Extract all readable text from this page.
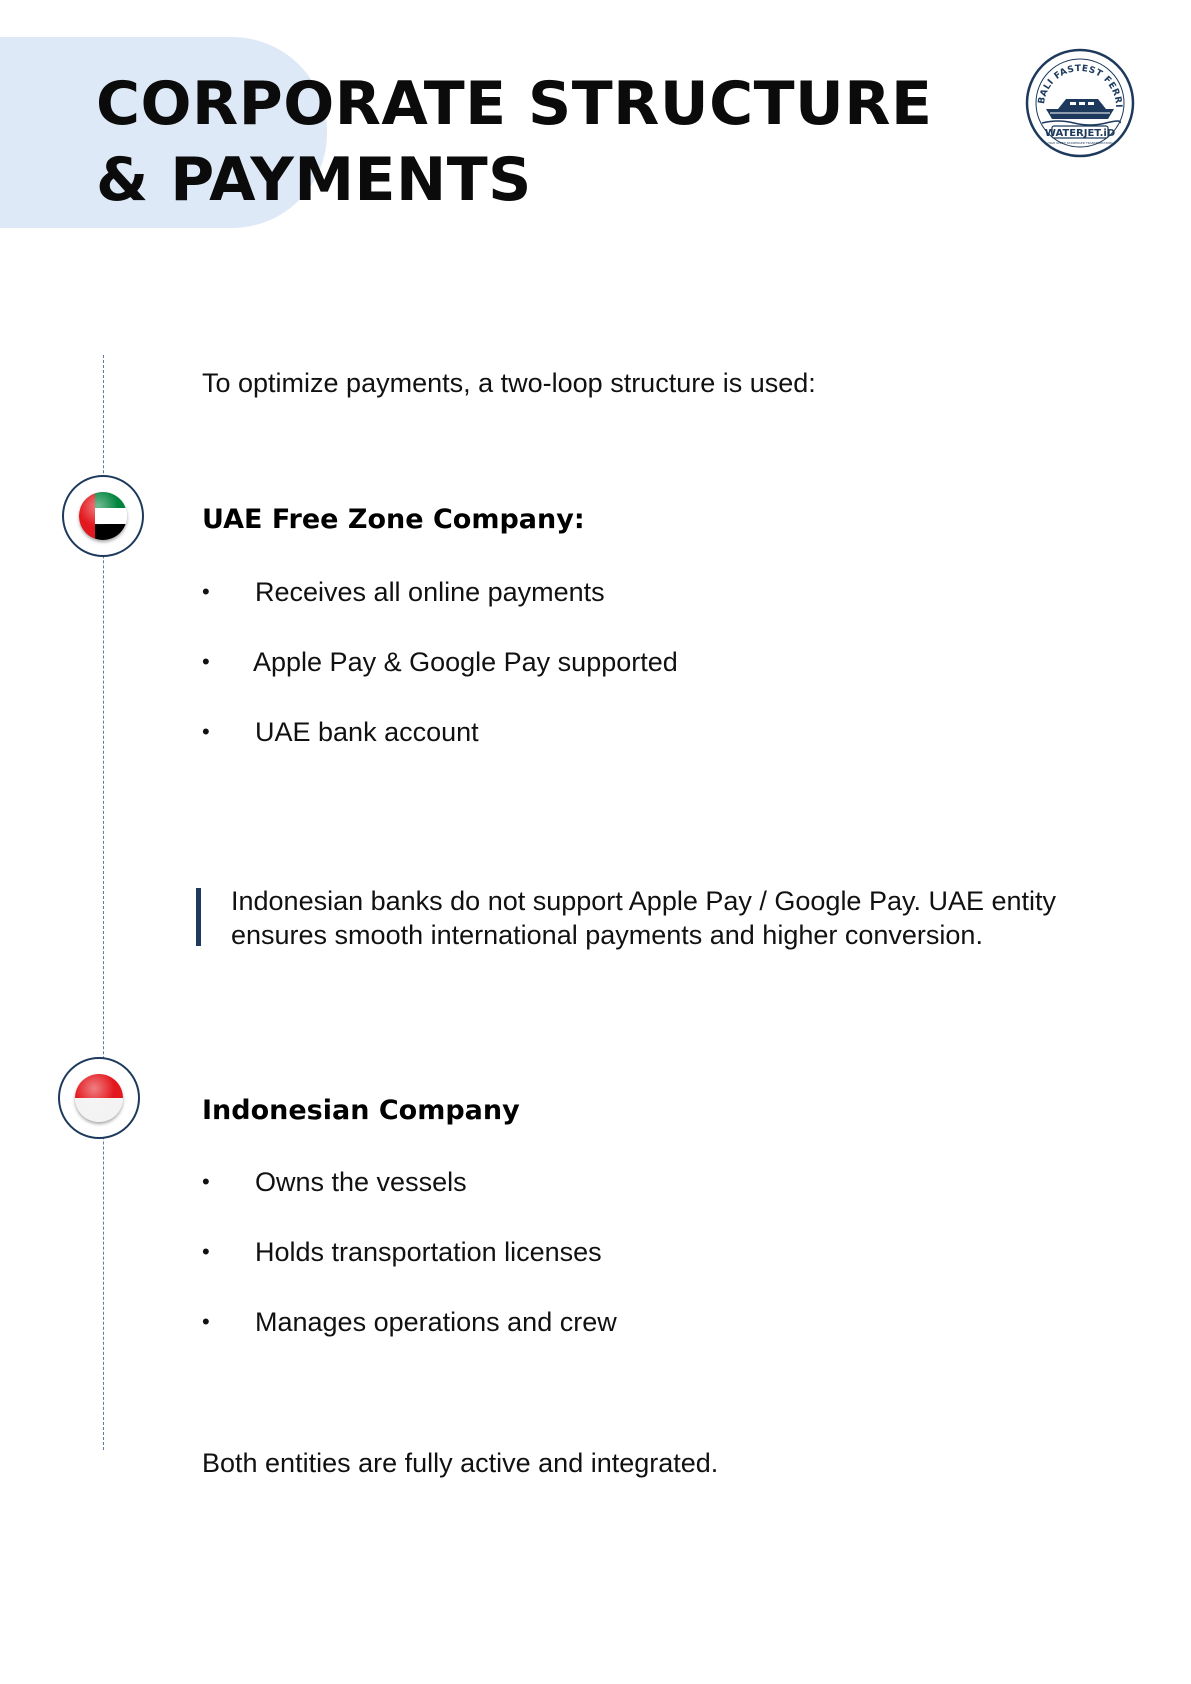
CORPORATE STRUCTURE
& PAYMENTS
BALI FASTEST FERRI
WATERJET.iD
HIGH SPEED PASSENGER TRANSPORTATION

To optimize payments, a two-loop structure is used:

UAE Free Zone Company:
•	Receives all online payments
•	Apple Pay & Google Pay supported
•	UAE bank account

Indonesian banks do not support Apple Pay / Google Pay. UAE entity ensures smooth international payments and higher conversion.

Indonesian Company
•	Owns the vessels
•	Holds transportation licenses
•	Manages operations and crew

Both entities are fully active and integrated.
